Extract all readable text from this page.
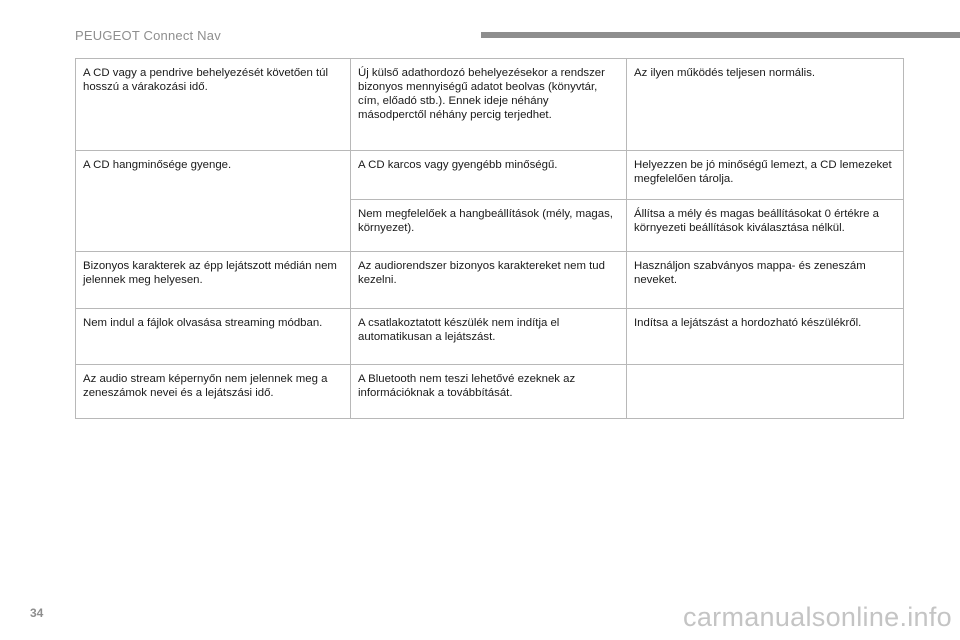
PEUGEOT Connect Nav
A CD vagy a pendrive behelyezését követően túl hosszú a várakozási idő.	Új külső adathordozó behelyezésekor a rendszer bizonyos mennyiségű adatot beolvas (könyvtár, cím, előadó stb.). Ennek ideje néhány másodperctől néhány percig terjedhet.	Az ilyen működés teljesen normális.
A CD hangminősége gyenge.	A CD karcos vagy gyengébb minőségű.	Helyezzen be jó minőségű lemezt, a CD lemezeket megfelelően tárolja.
	Nem megfelelőek a hangbeállítások (mély, magas, környezet).	Állítsa a mély és magas beállításokat 0 értékre a környezeti beállítások kiválasztása nélkül.
Bizonyos karakterek az épp lejátszott médián nem jelennek meg helyesen.	Az audiorendszer bizonyos karaktereket nem tud kezelni.	Használjon szabványos mappa- és zeneszám neveket.
Nem indul a fájlok olvasása streaming módban.	A csatlakoztatott készülék nem indítja el automatikusan a lejátszást.	Indítsa a lejátszást a hordozható készülékről.
Az audio stream képernyőn nem jelennek meg a zeneszámok nevei és a lejátszási idő.	A Bluetooth nem teszi lehetővé ezeknek az információknak a továbbítását.	
34	carmanualsonline.info
